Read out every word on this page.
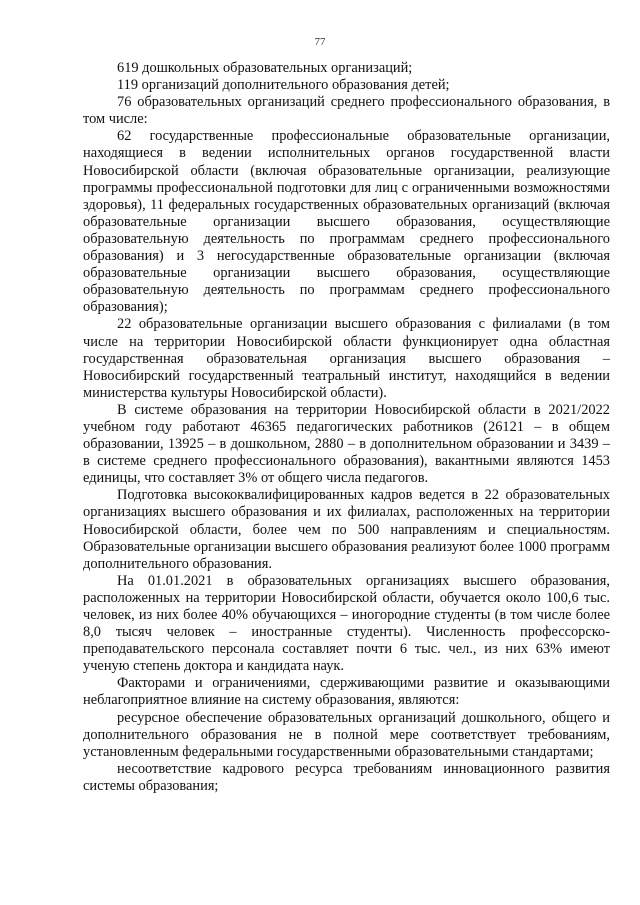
77

619 дошкольных образовательных организаций;

119 организаций дополнительного образования детей;

76 образовательных организаций среднего профессионального образования, в том числе:

62 государственные профессиональные образовательные организации, находящиеся в ведении исполнительных органов государственной власти Новосибирской области (включая образовательные организации, реализующие программы профессиональной подготовки для лиц с ограниченными возможностями здоровья), 11 федеральных государственных образовательных организаций (включая образовательные организации высшего образования, осуществляющие образовательную деятельность по программам среднего профессионального образования) и 3 негосударственные образовательные организации (включая образовательные организации высшего образования, осуществляющие образовательную деятельность по программам среднего профессионального образования);

22 образовательные организации высшего образования с филиалами (в том числе на территории Новосибирской области функционирует одна областная государственная образовательная организация высшего образования – Новосибирский государственный театральный институт, находящийся в ведении министерства культуры Новосибирской области).

В системе образования на территории Новосибирской области в 2021/2022 учебном году работают 46365 педагогических работников (26121 – в общем образовании, 13925 – в дошкольном, 2880 – в дополнительном образовании и 3439 – в системе среднего профессионального образования), вакантными являются 1453 единицы, что составляет 3% от общего числа педагогов.

Подготовка высококвалифицированных кадров ведется в 22 образовательных организациях высшего образования и их филиалах, расположенных на территории Новосибирской области, более чем по 500 направлениям и специальностям. Образовательные организации высшего образования реализуют более 1000 программ дополнительного образования.

На 01.01.2021 в образовательных организациях высшего образования, расположенных на территории Новосибирской области, обучается около 100,6 тыс. человек, из них более 40% обучающихся – иногородние студенты (в том числе более 8,0 тысяч человек – иностранные студенты). Численность профессорско-преподавательского персонала составляет почти 6 тыс. чел., из них 63% имеют ученую степень доктора и кандидата наук.

Факторами и ограничениями, сдерживающими развитие и оказывающими неблагоприятное влияние на систему образования, являются:

ресурсное обеспечение образовательных организаций дошкольного, общего и дополнительного образования не в полной мере соответствует требованиям, установленным федеральными государственными образовательными стандартами;

несоответствие кадрового ресурса требованиям инновационного развития системы образования;
